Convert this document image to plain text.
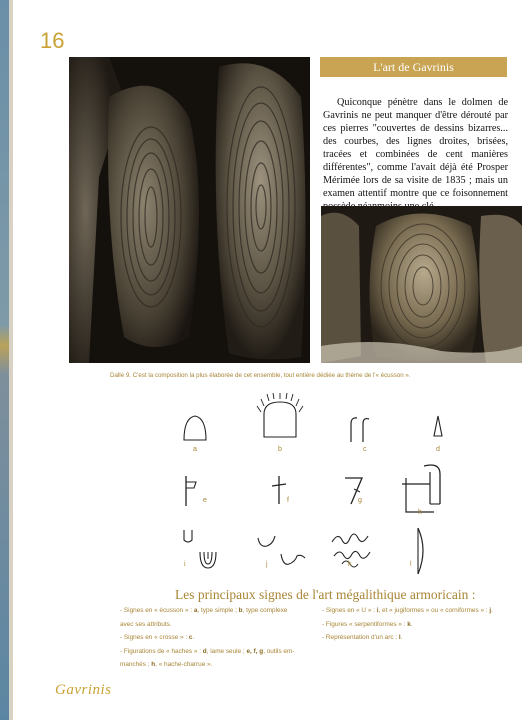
16
L'art de Gavrinis

Quiconque pénètre dans le dolmen de Gavrinis ne peut manquer d'être dérouté par ces pierres "couvertes de dessins bizarres... des courbes, des lignes droites, brisées, tracées et combinées de cent manières différentes", comme l'avait déjà été Prosper Mérimée lors de sa visite de 1835 ; mais un examen attentif montre que ce foisonnement

Dalle 9. C'est la composition la plus élaborée de cet ensemble, tout entière dédiée au thème de l'« écusson ».
a	b	c	d
e	f	g
h
i	j	k	l
Les principaux signes de l'art mégalithique armoricain :
- Signes en « écusson » : a, type simple ; b, type complexe
avec ses attributs.
- Signes en « crosse » : c.
- Figurations de « haches » : d, lame seule ; e, f, g, outils em-
manchés ; h, « hache-charrue ».
- Signes en « U » : i, et « jugiformes » ou « corniformes » : j.
- Figures « serpentiformes » : k.
- Représentation d'un arc : l.
Gavrinis
